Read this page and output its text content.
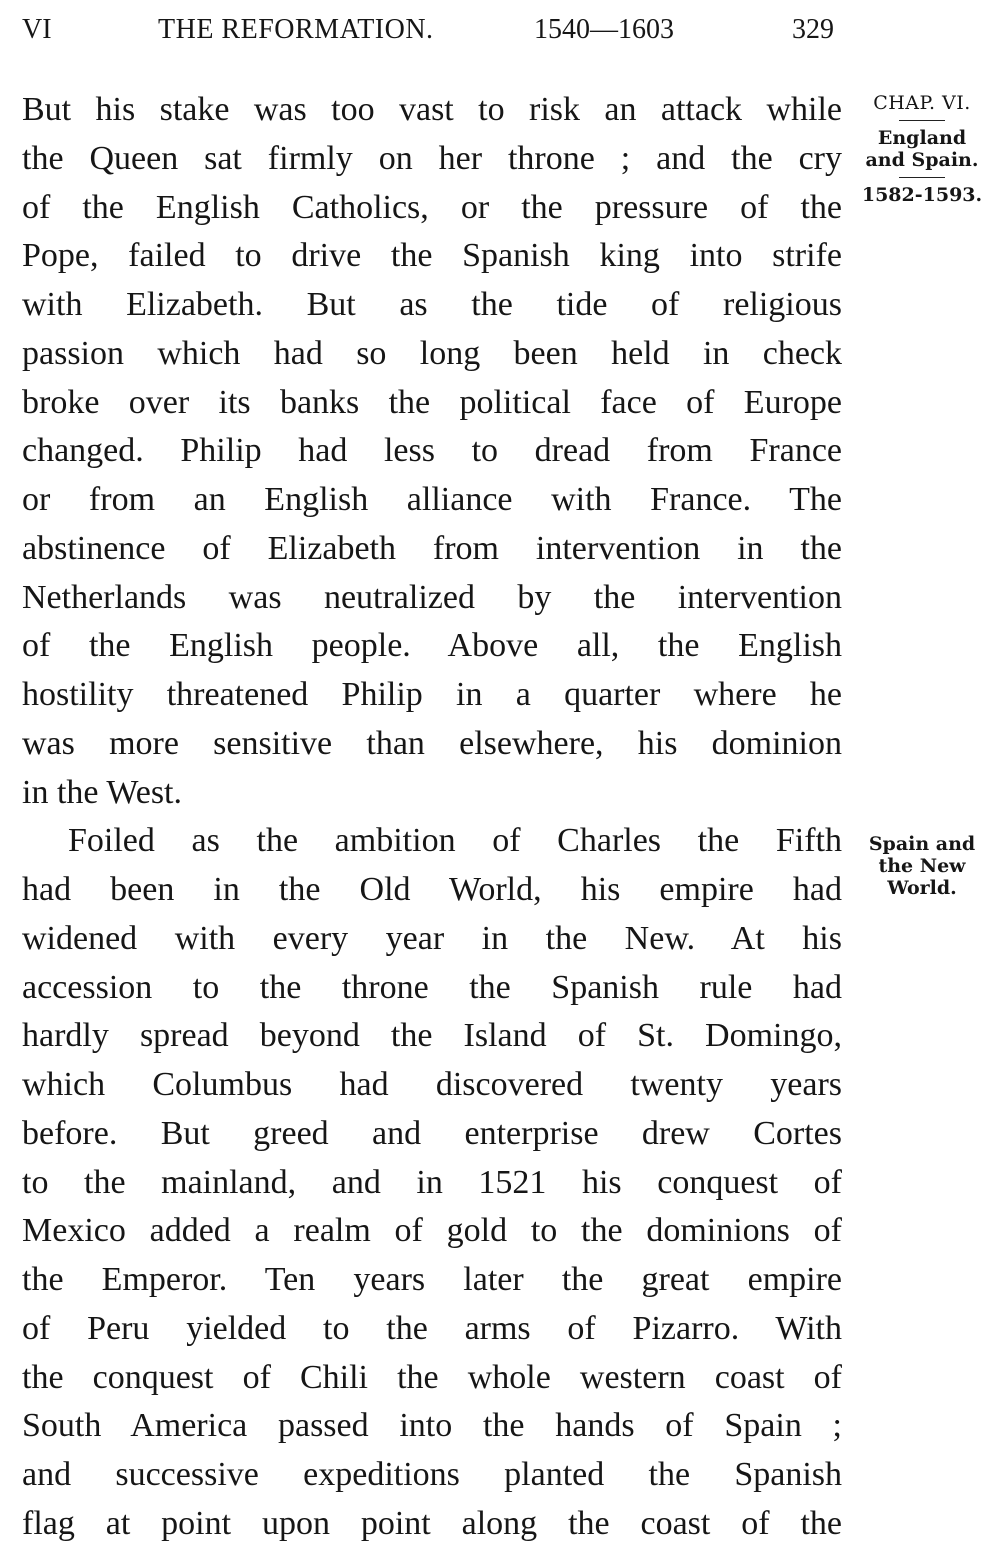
VI	THE REFORMATION.	1540—1603	329
But his stake was too vast to risk an attack while
the Queen sat firmly on her throne ; and the cry
of the English Catholics, or the pressure of the
Pope, failed to drive the Spanish king into strife
with Elizabeth. But as the tide of religious
passion which had so long been held in check
broke over its banks the political face of Europe
changed. Philip had less to dread from France
or from an English alliance with France. The
abstinence of Elizabeth from intervention in the
Netherlands was neutralized by the intervention
of the English people. Above all, the English
hostility threatened Philip in a quarter where he
was more sensitive than elsewhere, his dominion
in the West.
Foiled as the ambition of Charles the Fifth
had been in the Old World, his empire had
widened with every year in the New. At his
accession to the throne the Spanish rule had
hardly spread beyond the Island of St. Domingo,
which Columbus had discovered twenty years
before. But greed and enterprise drew Cortes
to the mainland, and in 1521 his conquest of
Mexico added a realm of gold to the dominions of
the Emperor. Ten years later the great empire
of Peru yielded to the arms of Pizarro. With
the conquest of Chili the whole western coast of
South America passed into the hands of Spain ;
and successive expeditions planted the Spanish
flag at point upon point along the coast of the
CHAP. VI.
England
and Spain.
1582-1593.
Spain and
the New
World.
